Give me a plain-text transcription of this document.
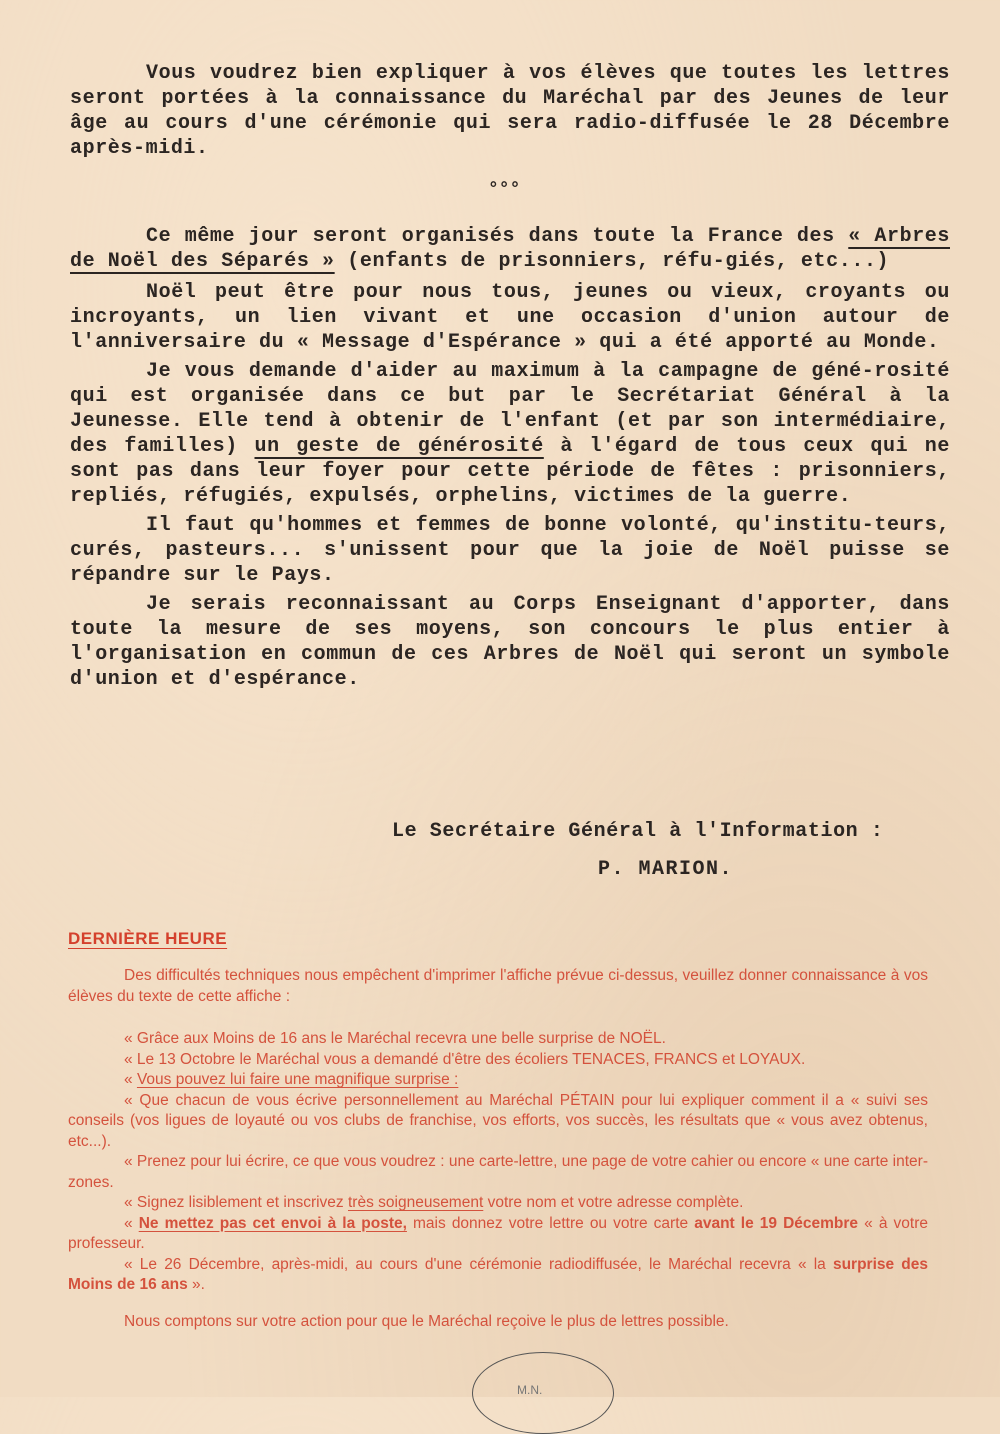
Vous voudrez bien expliquer à vos élèves que toutes les lettres seront portées à la connaissance du Maréchal par des Jeunes de leur âge au cours d'une cérémonie qui sera radio-diffusée le 28 Décembre après-midi.

°°°

Ce même jour seront organisés dans toute la France des « Arbres de Noël des Séparés » (enfants de prisonniers, réfu-giés, etc...)

Noël peut être pour nous tous, jeunes ou vieux, croyants ou incroyants, un lien vivant et une occasion d'union autour de l'anniversaire du « Message d'Espérance » qui a été apporté au Monde.

Je vous demande d'aider au maximum à la campagne de géné-rosité qui est organisée dans ce but par le Secrétariat Général à la Jeunesse. Elle tend à obtenir de l'enfant (et par son intermédiaire, des familles) un geste de générosité à l'égard de tous ceux qui ne sont pas dans leur foyer pour cette période de fêtes : prisonniers, repliés, réfugiés, expulsés, orphelins, victimes de la guerre.

Il faut qu'hommes et femmes de bonne volonté, qu'institu-teurs, curés, pasteurs... s'unissent pour que la joie de Noël puisse se répandre sur le Pays.

Je serais reconnaissant au Corps Enseignant d'apporter, dans toute la mesure de ses moyens, son concours le plus entier à l'organisation en commun de ces Arbres de Noël qui seront un symbole d'union et d'espérance.

Le Secrétaire Général à l'Information :
P. MARION.
DERNIÈRE HEURE

Des difficultés techniques nous empêchent d'imprimer l'affiche prévue ci-dessus, veuillez donner connaissance à vos élèves du texte de cette affiche :

« Grâce aux Moins de 16 ans le Maréchal recevra une belle surprise de NOËL.

« Le 13 Octobre le Maréchal vous a demandé d'être des écoliers TENACES, FRANCS et LOYAUX.

« Vous pouvez lui faire une magnifique surprise :

« Que chacun de vous écrive personnellement au Maréchal PÉTAIN pour lui expliquer comment il a « suivi ses conseils (vos ligues de loyauté ou vos clubs de franchise, vos efforts, vos succès, les résultats que « vous avez obtenus, etc...).

« Prenez pour lui écrire, ce que vous voudrez : une carte-lettre, une page de votre cahier ou encore « une carte inter-zones.

« Signez lisiblement et inscrivez très soigneusement votre nom et votre adresse complète.

« Ne mettez pas cet envoi à la poste, mais donnez votre lettre ou votre carte avant le 19 Décembre « à votre professeur.

« Le 26 Décembre, après-midi, au cours d'une cérémonie radiodiffusée, le Maréchal recevra « la surprise des Moins de 16 ans ».

Nous comptons sur votre action pour que le Maréchal reçoive le plus de lettres possible.

M.N.
